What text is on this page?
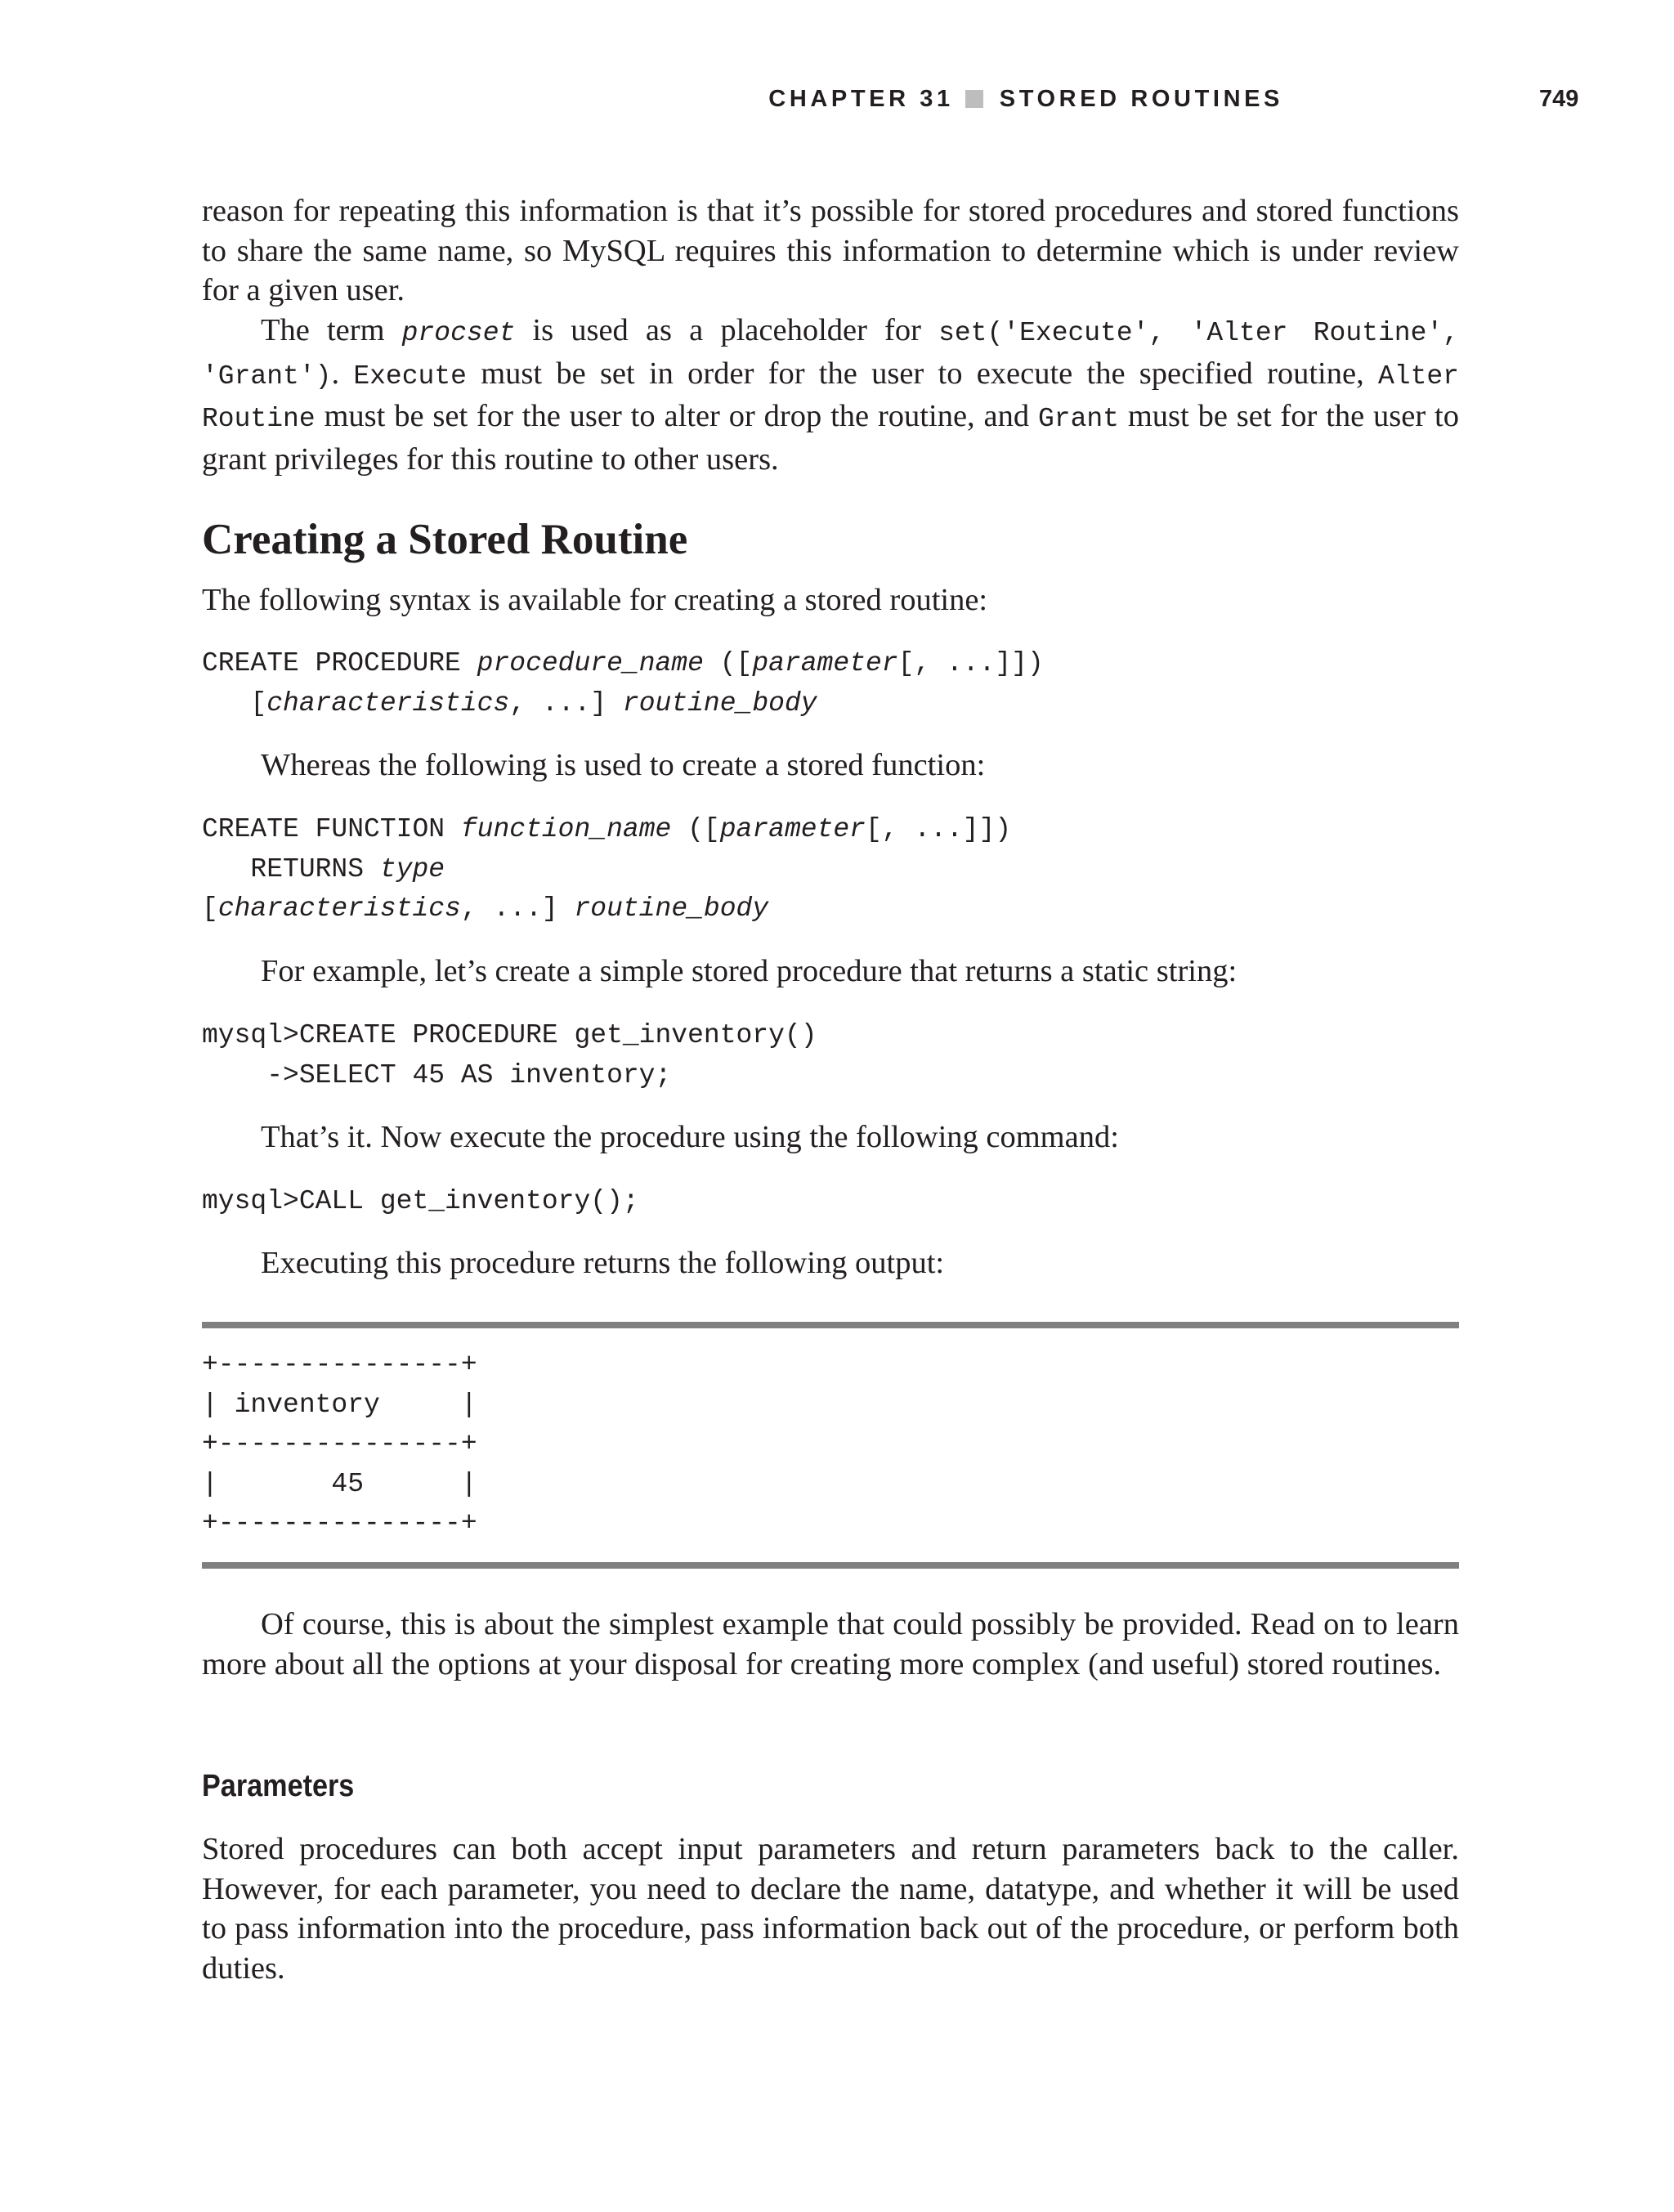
CHAPTER 31 STORED ROUTINES	749

reason for repeating this information is that it’s possible for stored procedures and stored functions to share the same name, so MySQL requires this information to determine which is under review for a given user.

The term procset is used as a placeholder for set('Execute', 'Alter Routine', 'Grant'). Execute must be set in order for the user to execute the specified routine, Alter Routine must be set for the user to alter or drop the routine, and Grant must be set for the user to grant privileges for this routine to other users.

Creating a Stored Routine

The following syntax is available for creating a stored routine:

CREATE PROCEDURE procedure_name ([parameter[, ...]])
[characteristics, ...] routine_body

Whereas the following is used to create a stored function:

CREATE FUNCTION function_name ([parameter[, ...]])
RETURNS type
[characteristics, ...] routine_body

For example, let’s create a simple stored procedure that returns a static string:

mysql>CREATE PROCEDURE get_inventory()
->SELECT 45 AS inventory;

That’s it. Now execute the procedure using the following command:

mysql>CALL get_inventory();

Executing this procedure returns the following output:

+---------------+
| inventory     |
+---------------+
|       45      |
+---------------+

Of course, this is about the simplest example that could possibly be provided. Read on to learn more about all the options at your disposal for creating more complex (and useful) stored routines.

Parameters

Stored procedures can both accept input parameters and return parameters back to the caller. However, for each parameter, you need to declare the name, datatype, and whether it will be used to pass information into the procedure, pass information back out of the procedure, or perform both duties.
